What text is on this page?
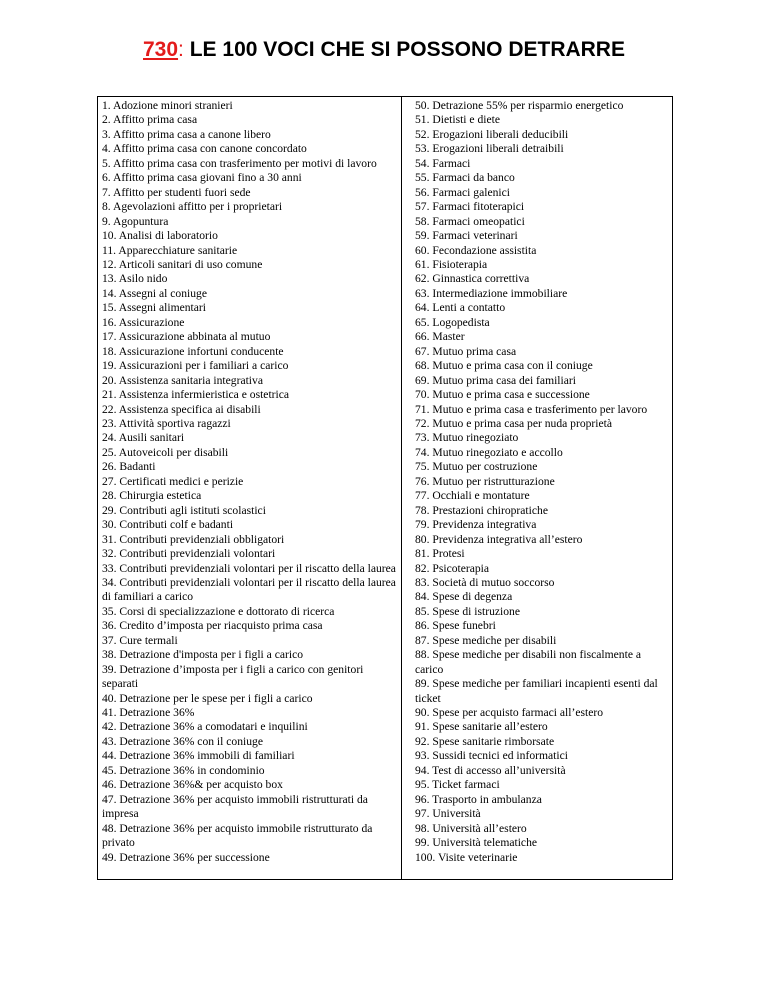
730: LE 100 VOCI CHE SI POSSONO DETRARRE
1. Adozione minori stranieri
2. Affitto prima casa
3. Affitto prima casa a canone libero
4. Affitto prima casa con canone concordato
5. Affitto prima casa con trasferimento per motivi di lavoro
6. Affitto prima casa giovani fino a 30 anni
7. Affitto per studenti fuori sede
8. Agevolazioni affitto per i proprietari
9. Agopuntura
10. Analisi di laboratorio
11. Apparecchiature sanitarie
12. Articoli sanitari di uso comune
13. Asilo nido
14. Assegni al coniuge
15. Assegni alimentari
16. Assicurazione
17. Assicurazione abbinata al mutuo
18. Assicurazione infortuni conducente
19. Assicurazioni per i familiari a carico
20. Assistenza sanitaria integrativa
21. Assistenza infermieristica e ostetrica
22. Assistenza specifica ai disabili
23. Attività sportiva ragazzi
24. Ausili sanitari
25. Autoveicoli per disabili
26. Badanti
27. Certificati medici e perizie
28. Chirurgia estetica
29. Contributi agli istituti scolastici
30. Contributi colf e badanti
31. Contributi previdenziali obbligatori
32. Contributi previdenziali volontari
33. Contributi previdenziali volontari per il riscatto della laurea
34. Contributi previdenziali volontari per il riscatto della laurea di familiari a carico
35. Corsi di specializzazione e dottorato di ricerca
36. Credito d’imposta per riacquisto prima casa
37. Cure termali
38. Detrazione d'imposta per i figli a carico
39. Detrazione d’imposta per i figli a carico con genitori separati
40. Detrazione per le spese per i figli a carico
41. Detrazione 36%
42. Detrazione 36% a comodatari e inquilini
43. Detrazione 36% con il coniuge
44. Detrazione 36% immobili di familiari
45. Detrazione 36% in condominio
46. Detrazione 36%& per acquisto box
47. Detrazione 36% per acquisto immobili ristrutturati da impresa
48. Detrazione 36% per acquisto immobile ristrutturato da privato
49. Detrazione 36% per successione
50. Detrazione 55% per risparmio energetico
51. Dietisti e diete
52. Erogazioni liberali deducibili
53. Erogazioni liberali detraibili
54. Farmaci
55. Farmaci da banco
56. Farmaci galenici
57. Farmaci fitoterapici
58. Farmaci omeopatici
59. Farmaci veterinari
60. Fecondazione assistita
61. Fisioterapia
62. Ginnastica correttiva
63. Intermediazione immobiliare
64. Lenti a contatto
65. Logopedista
66. Master
67. Mutuo prima casa
68. Mutuo e prima casa con il coniuge
69. Mutuo prima casa dei familiari
70. Mutuo e prima casa e successione
71. Mutuo e prima casa e trasferimento per lavoro
72. Mutuo e prima casa per nuda proprietà
73. Mutuo rinegoziato
74. Mutuo rinegoziato e accollo
75. Mutuo per costruzione
76. Mutuo per ristrutturazione
77. Occhiali e montature
78. Prestazioni chiropratiche
79. Previdenza integrativa
80. Previdenza integrativa all’estero
81. Protesi
82. Psicoterapia
83. Società di mutuo soccorso
84. Spese di degenza
85. Spese di istruzione
86. Spese funebri
87. Spese mediche per disabili
88. Spese mediche per disabili non fiscalmente a carico
89. Spese mediche per familiari incapienti esenti dal ticket
90. Spese per acquisto farmaci all’estero
91. Spese sanitarie all’estero
92. Spese sanitarie rimborsate
93. Sussidi tecnici ed informatici
94. Test di accesso all’università
95. Ticket farmaci
96. Trasporto in ambulanza
97. Università
98. Università all’estero
99. Università telematiche
100. Visite veterinarie
